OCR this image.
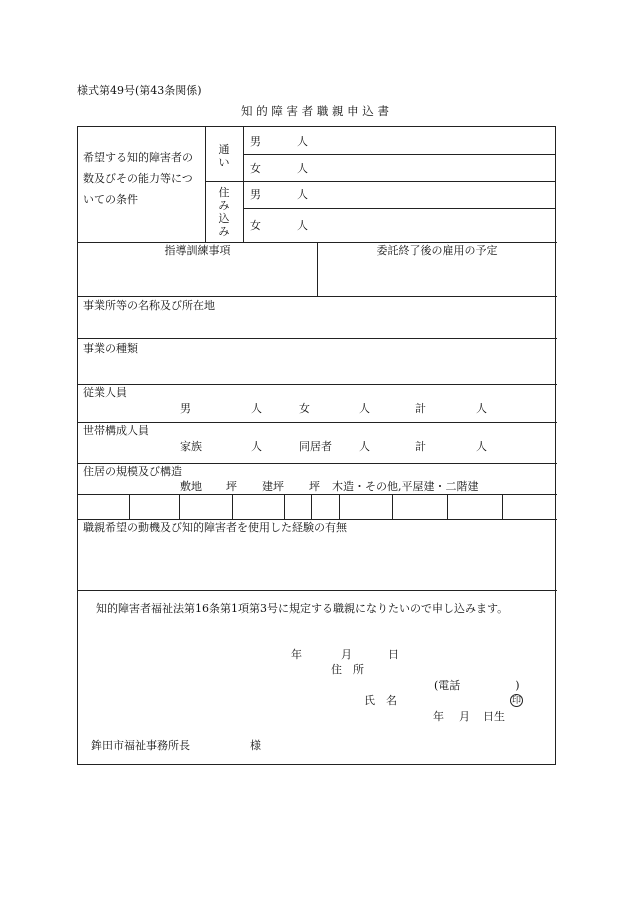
様式第49号(第43条関係)
知 的 障 害 者 職 親 申 込 書
希望する知的障害者の数及びその能力等についての条件
通い
住み込み
男	人
女	人
男	人
女	人
指導訓練事項	委託終了後の雇用の予定
事業所等の名称及び所在地
事業の種類
従業人員
男	人	女	人	計	人
世帯構成人員
家族	人	同居者 人	計	人
住居の規模及び構造
敷地 坪 建坪 坪 木造・その他,平屋建・二階建
職親希望の動機及び知的障害者を使用した経験の有無
知的障害者福祉法第16条第1項第3号に規定する職親になりたいので申し込みます。
年	月	日
住　所
(電話　　　　　)
氏　名	印
年 月 日生
鉾田市福祉事務所長	様
